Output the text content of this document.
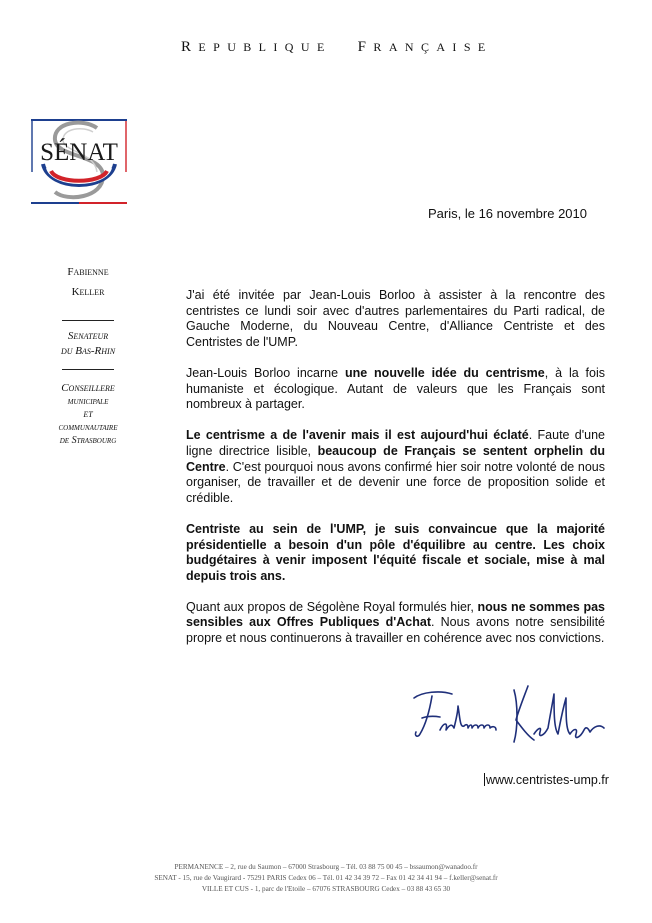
REPUBLIQUE FRANÇAISE
SÉNAT
Paris, le 16 novembre 2010
Fabienne
Keller
Senateur
du Bas-Rhin
Conseillere
municipale
et
communautaire
de Strasbourg

J'ai été invitée par Jean-Louis Borloo à assister à la rencontre des centristes ce lundi soir avec d'autres parlementaires du Parti radical, de Gauche Moderne, du Nouveau Centre, d'Alliance Centriste et des Centristes de l'UMP.

Jean-Louis Borloo incarne une nouvelle idée du centrisme, à la fois humaniste et écologique. Autant de valeurs que les Français sont nombreux à partager.

Le centrisme a de l'avenir mais il est aujourd'hui éclaté. Faute d'une ligne directrice lisible, beaucoup de Français se sentent orphelin du Centre. C'est pourquoi nous avons confirmé hier soir notre volonté de nous organiser, de travailler et de devenir une force de proposition solide et crédible.

Centriste au sein de l'UMP, je suis convaincue que la majorité présidentielle a besoin d'un pôle d'équilibre au centre. Les choix budgétaires à venir imposent l'équité fiscale et sociale, mise à mal depuis trois ans.

Quant aux propos de Ségolène Royal formulés hier, nous ne sommes pas sensibles aux Offres Publiques d'Achat. Nous avons notre sensibilité propre et nous continuerons à travailler en cohérence avec nos convictions.

www.centristes-ump.fr
PERMANENCE – 2, rue du Saumon – 67000 Strasbourg – Tél. 03 88 75 00 45 – bssaumon@wanadoo.fr
SENAT - 15, rue de Vaugirard - 75291 PARIS Cedex 06 – Tél. 01 42 34 39 72 – Fax 01 42 34 41 94 – f.keller@senat.fr
VILLE ET CUS - 1, parc de l'Etoile – 67076 STRASBOURG Cedex – 03 88 43 65 30
